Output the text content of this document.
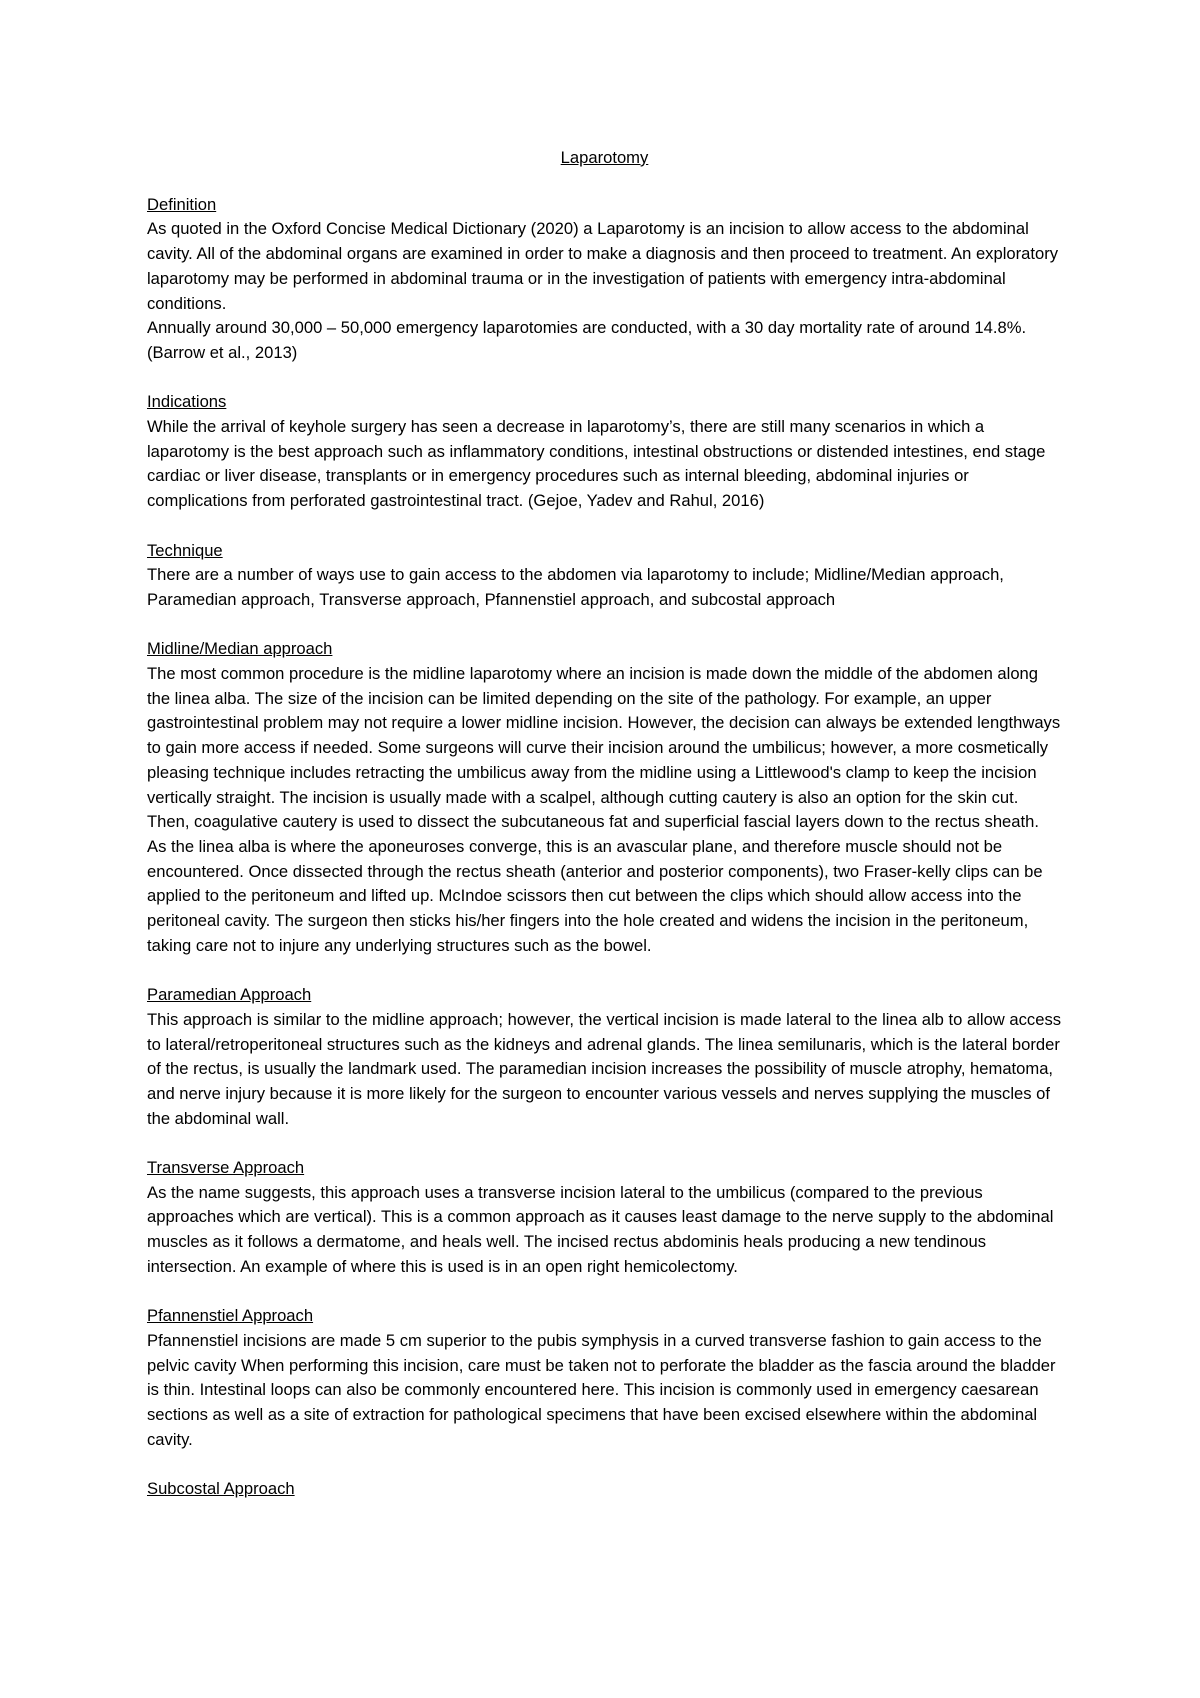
Laparotomy
Definition

As quoted in the Oxford Concise Medical Dictionary (2020) a Laparotomy is an incision to allow access to the abdominal cavity. All of the abdominal organs are examined in order to make a diagnosis and then proceed to treatment. An exploratory laparotomy may be performed in abdominal trauma or in the investigation of patients with emergency intra-abdominal conditions.

Annually around 30,000 – 50,000 emergency laparotomies are conducted, with a 30 day mortality rate of around 14.8%. (Barrow et al., 2013)

Indications

While the arrival of keyhole surgery has seen a decrease in laparotomy’s, there are still many scenarios in which a laparotomy is the best approach such as inflammatory conditions, intestinal obstructions or distended intestines, end stage cardiac or liver disease, transplants or in emergency procedures such as internal bleeding, abdominal injuries or complications from perforated gastrointestinal tract. (Gejoe, Yadev and Rahul, 2016)

Technique

There are a number of ways use to gain access to the abdomen via laparotomy to include; Midline/Median approach, Paramedian approach, Transverse approach, Pfannenstiel approach, and subcostal approach

Midline/Median approach

The most common procedure is the midline laparotomy where an incision is made down the middle of the abdomen along the linea alba. The size of the incision can be limited depending on the site of the pathology. For example, an upper gastrointestinal problem may not require a lower midline incision. However, the decision can always be extended lengthways to gain more access if needed. Some surgeons will curve their incision around the umbilicus; however, a more cosmetically pleasing technique includes retracting the umbilicus away from the midline using a Littlewood's clamp to keep the incision vertically straight. The incision is usually made with a scalpel, although cutting cautery is also an option for the skin cut. Then, coagulative cautery is used to dissect the subcutaneous fat and superficial fascial layers down to the rectus sheath. As the linea alba is where the aponeuroses converge, this is an avascular plane, and therefore muscle should not be encountered. Once dissected through the rectus sheath (anterior and posterior components), two Fraser-kelly clips can be applied to the peritoneum and lifted up. McIndoe scissors then cut between the clips which should allow access into the peritoneal cavity. The surgeon then sticks his/her fingers into the hole created and widens the incision in the peritoneum, taking care not to injure any underlying structures such as the bowel.

Paramedian Approach

This approach is similar to the midline approach; however, the vertical incision is made lateral to the linea alb to allow access to lateral/retroperitoneal structures such as the kidneys and adrenal glands. The linea semilunaris, which is the lateral border of the rectus, is usually the landmark used. The paramedian incision increases the possibility of muscle atrophy, hematoma, and nerve injury because it is more likely for the surgeon to encounter various vessels and nerves supplying the muscles of the abdominal wall.

Transverse Approach

As the name suggests, this approach uses a transverse incision lateral to the umbilicus (compared to the previous approaches which are vertical). This is a common approach as it causes least damage to the nerve supply to the abdominal muscles as it follows a dermatome, and heals well. The incised rectus abdominis heals producing a new tendinous intersection. An example of where this is used is in an open right hemicolectomy.

Pfannenstiel Approach

Pfannenstiel incisions are made 5 cm superior to the pubis symphysis in a curved transverse fashion to gain access to the pelvic cavity When performing this incision, care must be taken not to perforate the bladder as the fascia around the bladder is thin. Intestinal loops can also be commonly encountered here. This incision is commonly used in emergency caesarean sections as well as a site of extraction for pathological specimens that have been excised elsewhere within the abdominal cavity.

Subcostal Approach
